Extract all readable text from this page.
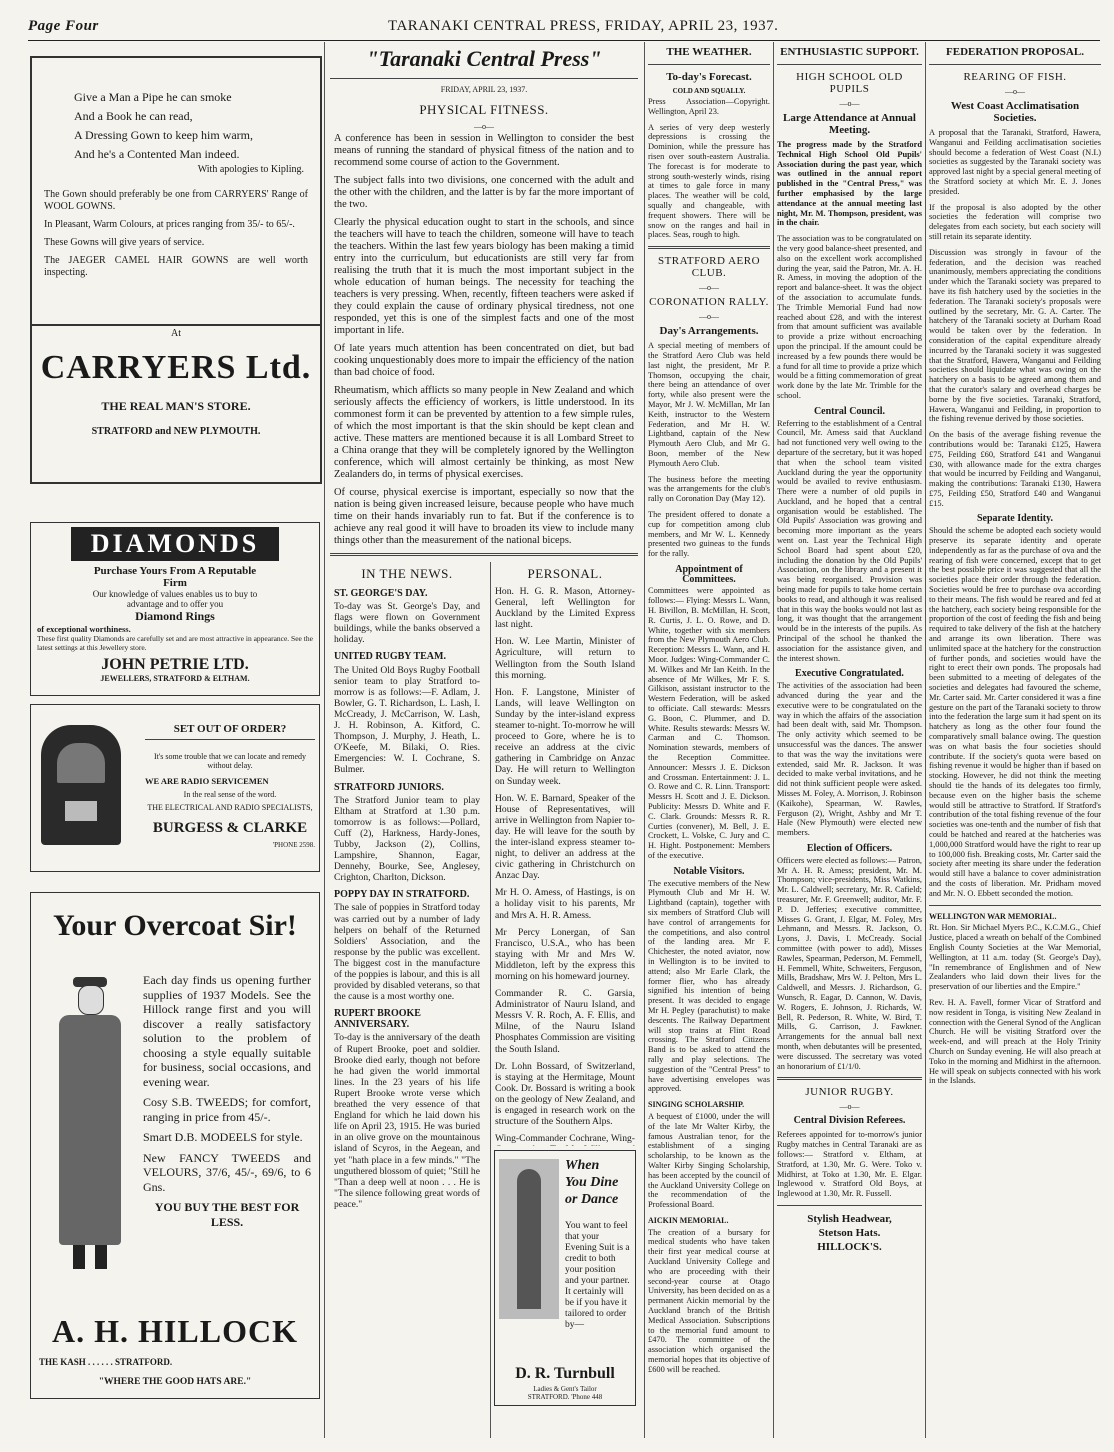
Page Four	TARANAKI CENTRAL PRESS, FRIDAY, APRIL 23, 1937.
Give a Man a Pipe he can smoke
And a Book he can read,
A Dressing Gown to keep him warm,
And he's a Contented Man indeed.
With apologies to Kipling.

The Gown should preferably be one from CARRYERS' Range of WOOL GOWNS.

In Pleasant, Warm Colours, at prices ranging from 35/- to 65/-.

These Gowns will give years of service.

The JAEGER CAMEL HAIR GOWNS are well worth inspecting.

At
CARRYERS Ltd.
THE REAL MAN'S STORE.
STRATFORD and NEW PLYMOUTH.
DIAMONDS
Purchase Yours From A Reputable Firm
Our knowledge of values enables us to buy to advantage and to offer you
Diamond Rings
of exceptional worthiness.
These first quality Diamonds are carefully set and are most attractive in appearance. See the latest settings at this Jewellery store.
JOHN PETRIE LTD.
JEWELLERS, STRATFORD & ELTHAM.
SET OUT OF ORDER?
It's some trouble that we can locate and remedy without delay.
WE ARE RADIO SERVICEMEN
In the real sense of the word.
THE ELECTRICAL AND RADIO SPECIALISTS,
BURGESS & CLARKE
'PHONE 2598.
Your Overcoat Sir!

Each day finds us opening further supplies of 1937 Models. See the Hillock range first and you will discover a really satisfactory solution to the problem of choosing a style equally suitable for business, social occasions, and evening wear.

Cosy S.B. TWEEDS; for comfort, ranging in price from 45/-.

Smart D.B. MODEELS for style.

New FANCY TWEEDS and VELOURS, 37/6, 45/-, 69/6, to 6 Gns.

YOU BUY THE BEST FOR LESS.

A. H. HILLOCK
THE KASH . . . . . . STRATFORD.
"WHERE THE GOOD HATS ARE."
"Taranaki Central Press"
FRIDAY, APRIL 23, 1937.
PHYSICAL FITNESS.
—o—

A conference has been in session in Wellington to consider the best means of running the standard of physical fitness of the nation and to recommend some course of action to the Government.

The subject falls into two divisions, one concerned with the adult and the other with the children, and the latter is by far the more important of the two.

Clearly the physical education ought to start in the schools, and since the teachers will have to teach the children, someone will have to teach the teachers. Within the last few years biology has been making a timid entry into the curriculum, but educationists are still very far from realising the truth that it is much the most important subject in the whole education of human beings. The necessity for teaching the teachers is very pressing. When, recently, fifteen teachers were asked if they could explain the cause of ordinary physical tiredness, not one responded, yet this is one of the simplest facts and one of the most important in life.

Of late years much attention has been concentrated on diet, but bad cooking unquestionably does more to impair the efficiency of the nation than bad choice of food.

Rheumatism, which afflicts so many people in New Zealand and which seriously affects the efficiency of workers, is little understood. In its commonest form it can be prevented by attention to a few simple rules, of which the most important is that the skin should be kept clean and active. These matters are mentioned because it is all Lombard Street to a China orange that they will be completely ignored by the Wellington conference, which will almost certainly be thinking, as most New Zealanders do, in terms of physical exercises.

Of course, physical exercise is important, especially so now that the nation is being given increased leisure, because people who have much time on their hands invariably run to fat. But if the conference is to achieve any real good it will have to broaden its view to include many things other than the measurement of the national biceps.

IN THE NEWS.
ST. GEORGE'S DAY.

To-day was St. George's Day, and flags were flown on Government buildings, while the banks observed a holiday.

UNITED RUGBY TEAM.

The United Old Boys Rugby Football senior team to play Stratford to-morrow is as follows:—F. Adlam, J. Bowler, G. T. Richardson, L. Lash, I. McCready, J. McCarrison, W. Lash, J. H. Robinson, A. Kitford, C. Thompson, J. Murphy, J. Heath, L. O'Keefe, M. Bilaki, O. Ries. Emergencies: W. I. Cochrane, S. Bulmer.

STRATFORD JUNIORS.

The Stratford Junior team to play Eltham at Stratford at 1.30 p.m. tomorrow is as follows:—Pollard, Cuff (2), Harkness, Hardy-Jones, Tubby, Jackson (2), Collins, Lampshire, Shannon, Eagar, Dennehy, Bourke, See, Anglesey, Crighton, Charlton, Dickson.

POPPY DAY IN STRATFORD.

The sale of poppies in Stratford today was carried out by a number of lady helpers on behalf of the Returned Soldiers' Association, and the response by the public was excellent. The biggest cost in the manufacture of the poppies is labour, and this is all provided by disabled veterans, so that the cause is a most worthy one.

RUPERT BROOKE ANNIVERSARY.

To-day is the anniversary of the death of Rupert Brooke, poet and soldier. Brooke died early, though not before he had given the world immortal lines. In the 23 years of his life Rupert Brooke wrote verse which breathed the very essence of that England for which he laid down his life on April 23, 1915. He was buried in an olive grove on the mountainous island of Scyros, in the Aegean, and yet "hath place in a few minds." "The unguthered blossom of quiet; "Still he "Than a deep well at noon . . . He is "The silence following great words of peace."

PERSONAL.

Hon. H. G. R. Mason, Attorney-General, left Wellington for Auckland by the Limited Express last night.

Hon. W. Lee Martin, Minister of Agriculture, will return to Wellington from the South Island this morning.

Hon. F. Langstone, Minister of Lands, will leave Wellington on Sunday by the inter-island express steamer to-night. To-morrow he will proceed to Gore, where he is to receive an address at the civic gathering in Cambridge on Anzac Day. He will return to Wellington on Sunday week.

Hon. W. E. Barnard, Speaker of the House of Representatives, will arrive in Wellington from Napier to-day. He will leave for the south by the inter-island express steamer to-night, to deliver an address at the civic gathering in Christchurch on Anzac Day.

Mr H. O. Amess, of Hastings, is on a holiday visit to his parents, Mr and Mrs A. H. R. Amess.

Mr Percy Lonergan, of San Francisco, U.S.A., who has been staying with Mr and Mrs W. Middleton, left by the express this morning on his homeward journey.

Commander R. C. Garsia, Administrator of Nauru Island, and Messrs V. R. Roch, A. F. Ellis, and Milne, of the Nauru Island Phosphates Commission are visiting the South Island.

Dr. Lohn Bossard, of Switzerland, is staying at the Hermitage, Mount Cook. Dr. Bossard is writing a book on the geology of New Zealand, and is engaged in research work on the structure of the Southern Alps.

Wing-Commander Cochrane, Wing-

When
You Dine
or Dance
You want to feel that your Evening Suit is a credit to both your position and your partner. It certainly will be if you have it tailored to order by—
D. R. Turnbull
Ladies & Gent's Tailor
STRATFORD. 'Phone 448
THE WEATHER.
To-day's Forecast.
COLD AND SQUALLY.

Press Association—Copyright. Wellington, April 23.

A series of very deep westerly depressions is crossing the Dominion, while the pressure has risen over south-eastern Australia. The forecast is for moderate to strong south-westerly winds, rising at times to gale force in many places. The weather will be cold, squally and changeable, with frequent showers. There will be snow on the ranges and hail in places. Seas, rough to high.

STRATFORD AERO CLUB.
—o—
CORONATION RALLY.
—o—
Day's Arrangements.

A special meeting of members of the Stratford Aero Club was held last night, the president, Mr P. Thomson, occupying the chair, there being an attendance of over forty, while also present were the Mayor, Mr J. W. McMillan, Mr Ian Keith, instructor to the Western Federation, and Mr H. W. Lightband, captain of the New Plymouth Aero Club, and Mr G. Boon, member of the New Plymouth Aero Club.

The business before the meeting was the arrangements for the club's rally on Coronation Day (May 12).

The president offered to donate a cup for competition among club members, and Mr W. L. Kennedy presented two guineas to the funds for the rally.

Appointment of Committees.

Committees were appointed as follows:— Flying: Messrs L. Wann, H. Bivillon, B. McMillan, H. Scott, R. Curtis, J. L. O. Rowe, and D. White, together with six members from the New Plymouth Aero Club. Reception: Messrs L. Wann, and H. Moor. Judges: Wing-Commander C. M. Wilkes and Mr Ian Keith. In the absence of Mr Wilkes, Mr F. S. Gilkison, assistant instructor to the Western Federation, will be asked to officiate. Call stewards: Messrs G. Boon, C. Plummer, and D. White. Results stewards: Messrs W. Carman and C. Thomson. Nomination stewards, members of the Reception Committee. Announcer: Messrs J. E. Dickson and Crossman. Entertainment: J. L. O. Rowe and C. R. Linn. Transport: Messrs H. Scott and J. E. Dickson. Publicity: Messrs D. White and F. C. Clark. Grounds: Messrs R. R. Curties (convener), M. Bell, J. E. Crockett, L. Volske, C. Jury and C. H. Hight. Postponement: Members of the executive.

Notable Visitors.

The executive members of the New Plymouth Club and Mr H. W. Lightband (captain), together with six members of Stratford Club will have control of arrangements for the competitions, and also control of the landing area. Mr F. Chichester, the noted aviator, now in Wellington is to be invited to attend; also Mr Earle Clark, the former flier, who has already signified his intention of being present. It was decided to engage Mr H. Pegley (parachutist) to make descents. The Railway Department will stop trains at Flint Road crossing. The Stratford Citizens Band is to be asked to attend the rally and play selections. The suggestion of the "Central Press" to have advertising envelopes was approved.

SINGING SCHOLARSHIP.

A bequest of £1000, under the will of the late Mr Walter Kirby, the famous Australian tenor, for the establishment of a singing scholarship, to be known as the Walter Kirby Singing Scholarship, has been accepted by the council of the Auckland University College on the recommendation of the Professional Board.

AICKIN MEMORIAL.

The creation of a bursary for medical students who have taken their first year medical course at Auckland University College and who are proceeding with their second-year course at Otago University, has been decided on as a permanent Aickin memorial by the Auckland branch of the British Medical Association. Subscriptions to the memorial fund amount to £470. The committee of the association which organised the memorial hopes that its objective of £600 will be reached.

ENTHUSIASTIC SUPPORT.
HIGH SCHOOL OLD PUPILS
—o—
Large Attendance at Annual Meeting.

The progress made by the Stratford Technical High School Old Pupils' Association during the past year, which was outlined in the annual report published in the "Central Press," was further emphasised by the large attendance at the annual meeting last night, Mr. M. Thompson, president, was in the chair.

The association was to be congratulated on the very good balance-sheet presented, and also on the excellent work accomplished during the year, said the Patron, Mr. A. H. R. Amess, in moving the adoption of the report and balance-sheet. It was the object of the association to accumulate funds. The Trimble Memorial Fund had now reached about £28, and with the interest from that amount sufficient was available to provide a prize without encroaching upon the principal. If the amount could be increased by a few pounds there would be a fund for all time to provide a prize which would be a fitting commemoration of great work done by the late Mr. Trimble for the school.

Central Council.

Referring to the establishment of a Central Council, Mr. Amess said that Auckland had not functioned very well owing to the departure of the secretary, but it was hoped that when the school team visited Auckland during the year the opportunity would be availed to revive enthusiasm. There were a number of old pupils in Auckland, and he hoped that a central organisation would be established. The Old Pupils' Association was growing and becoming more important as the years went on. Last year the Technical High School Board had spent about £20, including the donation by the Old Pupils' Association, on the library and a present it was being reorganised. Provision was being made for pupils to take home certain books to read, and although it was realised that in this way the books would not last as long, it was thought that the arrangement would be in the interests of the pupils. As Principal of the school he thanked the association for the assistance given, and the interest shown.

Executive Congratulated.

The activities of the association had been advanced during the year and the executive were to be congratulated on the way in which the affairs of the association had been dealt with, said Mr. Thompson. The only activity which seemed to be unsuccessful was the dances. The answer to that was the way the invitations were extended, said Mr. R. Jackson. It was decided to make verbal invitations, and he did not think sufficient people were asked. Misses M. Foley, A. Morrison, J. Robinson (Kaikohe), Spearman, W. Rawles, Ferguson (2), Wright, Ashby and Mr T. Hale (New Plymouth) were elected new members.

Election of Officers.

Officers were elected as follows:— Patron, Mr A. H. R. Amess; president, Mr. M. Thompson; vice-presidents, Miss Watkins, Mr. L. Caldwell; secretary, Mr. R. Cafield; treasurer, Mr. F. Greenwell; auditor, Mr. F. P. D. Jefferies; executive committee, Misses G. Grant, J. Elgar, M. Foley, Mrs Lehmann, and Messrs. R. Jackson, O. Lyons, J. Davis, I. McCready. Social committee (with power to add), Misses Rawles, Spearman, Pederson, M. Femmell, H. Femmell, White, Schweiters, Ferguson, Mills, Bradshaw, Mrs W. J. Pelton, Mrs L. Caldwell, and Messrs. J. Richardson, G. Wunsch, R. Eagar, D. Cannon, W. Davis, W. Rogers, E. Johnson, J. Richards, W. Bell, R. Pederson, R. White, W. Bird, T. Mills, G. Carrison, J. Fawkner. Arrangements for the annual ball next month, when debutantes will be presented, were discussed. The secretary was voted an honorarium of £1/1/0.

JUNIOR RUGBY.
—o—
Central Division Referees.

Referees appointed for to-morrow's junior Rugby matches in Central Taranaki are as follows:— Stratford v. Eltham, at Stratford, at 1.30, Mr. G. Were. Toko v. Midhirst, at Toko at 1.30, Mr. E. Elgar. Inglewood v. Stratford Old Boys, at Inglewood at 1.30, Mr. R. Fussell.

Stylish Headwear,
Stetson Hats.
HILLOCK'S.
FEDERATION PROPOSAL.
REARING OF FISH.
—o—
West Coast Acclimatisation Societies.

A proposal that the Taranaki, Stratford, Hawera, Wanganui and Feilding acclimatisation societies should become a federation of West Coast (N.I.) societies as suggested by the Taranaki society was approved last night by a special general meeting of the Stratford society at which Mr. E. J. Jones presided.

If the proposal is also adopted by the other societies the federation will comprise two delegates from each society, but each society will still retain its separate identity.

Discussion was strongly in favour of the federation, and the decision was reached unanimously, members appreciating the conditions under which the Taranaki society was prepared to have its fish hatchery used by the societies in the federation. The Taranaki society's proposals were outlined by the secretary, Mr. G. A. Carter. The hatchery of the Taranaki society at Durham Road would be taken over by the federation. In consideration of the capital expenditure already incurred by the Taranaki society it was suggested that the Stratford, Hawera, Wanganui and Feilding societies should liquidate what was owing on the hatchery on a basis to be agreed among them and that the curator's salary and overhead charges be borne by the five societies. Taranaki, Stratford, Hawera, Wanganui and Feilding, in proportion to the fishing revenue derived by those societies.

On the basis of the average fishing revenue the contributions would be: Taranaki £125, Hawera £75, Feilding £60, Stratford £41 and Wanganui £30, with allowance made for the extra charges that would be incurred by Feilding and Wanganui, making the contributions: Taranaki £130, Hawera £75, Feilding £50, Stratford £40 and Wanganui £15.

Separate Identity.

Should the scheme be adopted each society would preserve its separate identity and operate independently as far as the purchase of ova and the rearing of fish were concerned, except that to get the best possible price it was suggested that all the societies place their order through the federation. Societies would be free to purchase ova according to their means. The fish would be reared and fed at the hatchery, each society being responsible for the proportion of the cost of feeding the fish and being required to take delivery of the fish at the hatchery and arrange its own liberation. There was unlimited space at the hatchery for the construction of further ponds, and societies would have the right to erect their own ponds. The proposals had been submitted to a meeting of delegates of the societies and delegates had favoured the scheme, Mr. Carter said. Mr. Carter considered it was a fine gesture on the part of the Taranaki society to throw into the federation the large sum it had spent on its hatchery as long as the other four found the comparatively small balance owing. The question was on what basis the four societies should contribute. If the society's quota were based on fishing revenue it would be higher than if based on stocking. However, he did not think the meeting should tie the hands of its delegates too firmly, because even on the higher basis the scheme would still be attractive to Stratford. If Stratford's contribution of the total fishing revenue of the four societies was one-tenth and the number of fish that could be hatched and reared at the hatcheries was 1,000,000 Stratford would have the right to rear up to 100,000 fish. Breaking costs, Mr. Carter said the society after meeting its share under the federation would still have a balance to cover administration and the costs of liberation. Mr. Pridham moved and Mr. N. O. Ebbett seconded the motion.

WELLINGTON WAR MEMORIAL.

Rt. Hon. Sir Michael Myers P.C., K.C.M.G., Chief Justice, placed a wreath on behalf of the Combined English County Societies at the War Memorial, Wellington, at 11 a.m. today (St. George's Day), "In remembrance of Englishmen and of New Zealanders who laid down their lives for the preservation of our liberties and the Empire."

Rev. H. A. Favell, former Vicar of Stratford and now resident in Tonga, is visiting New Zealand in connection with the General Synod of the Anglican Church. He will be visiting Stratford over the week-end, and will preach at the Holy Trinity Church on Sunday evening. He will also preach at Toko in the morning and Midhirst in the afternoon. He will speak on subjects connected with his work in the Islands.
